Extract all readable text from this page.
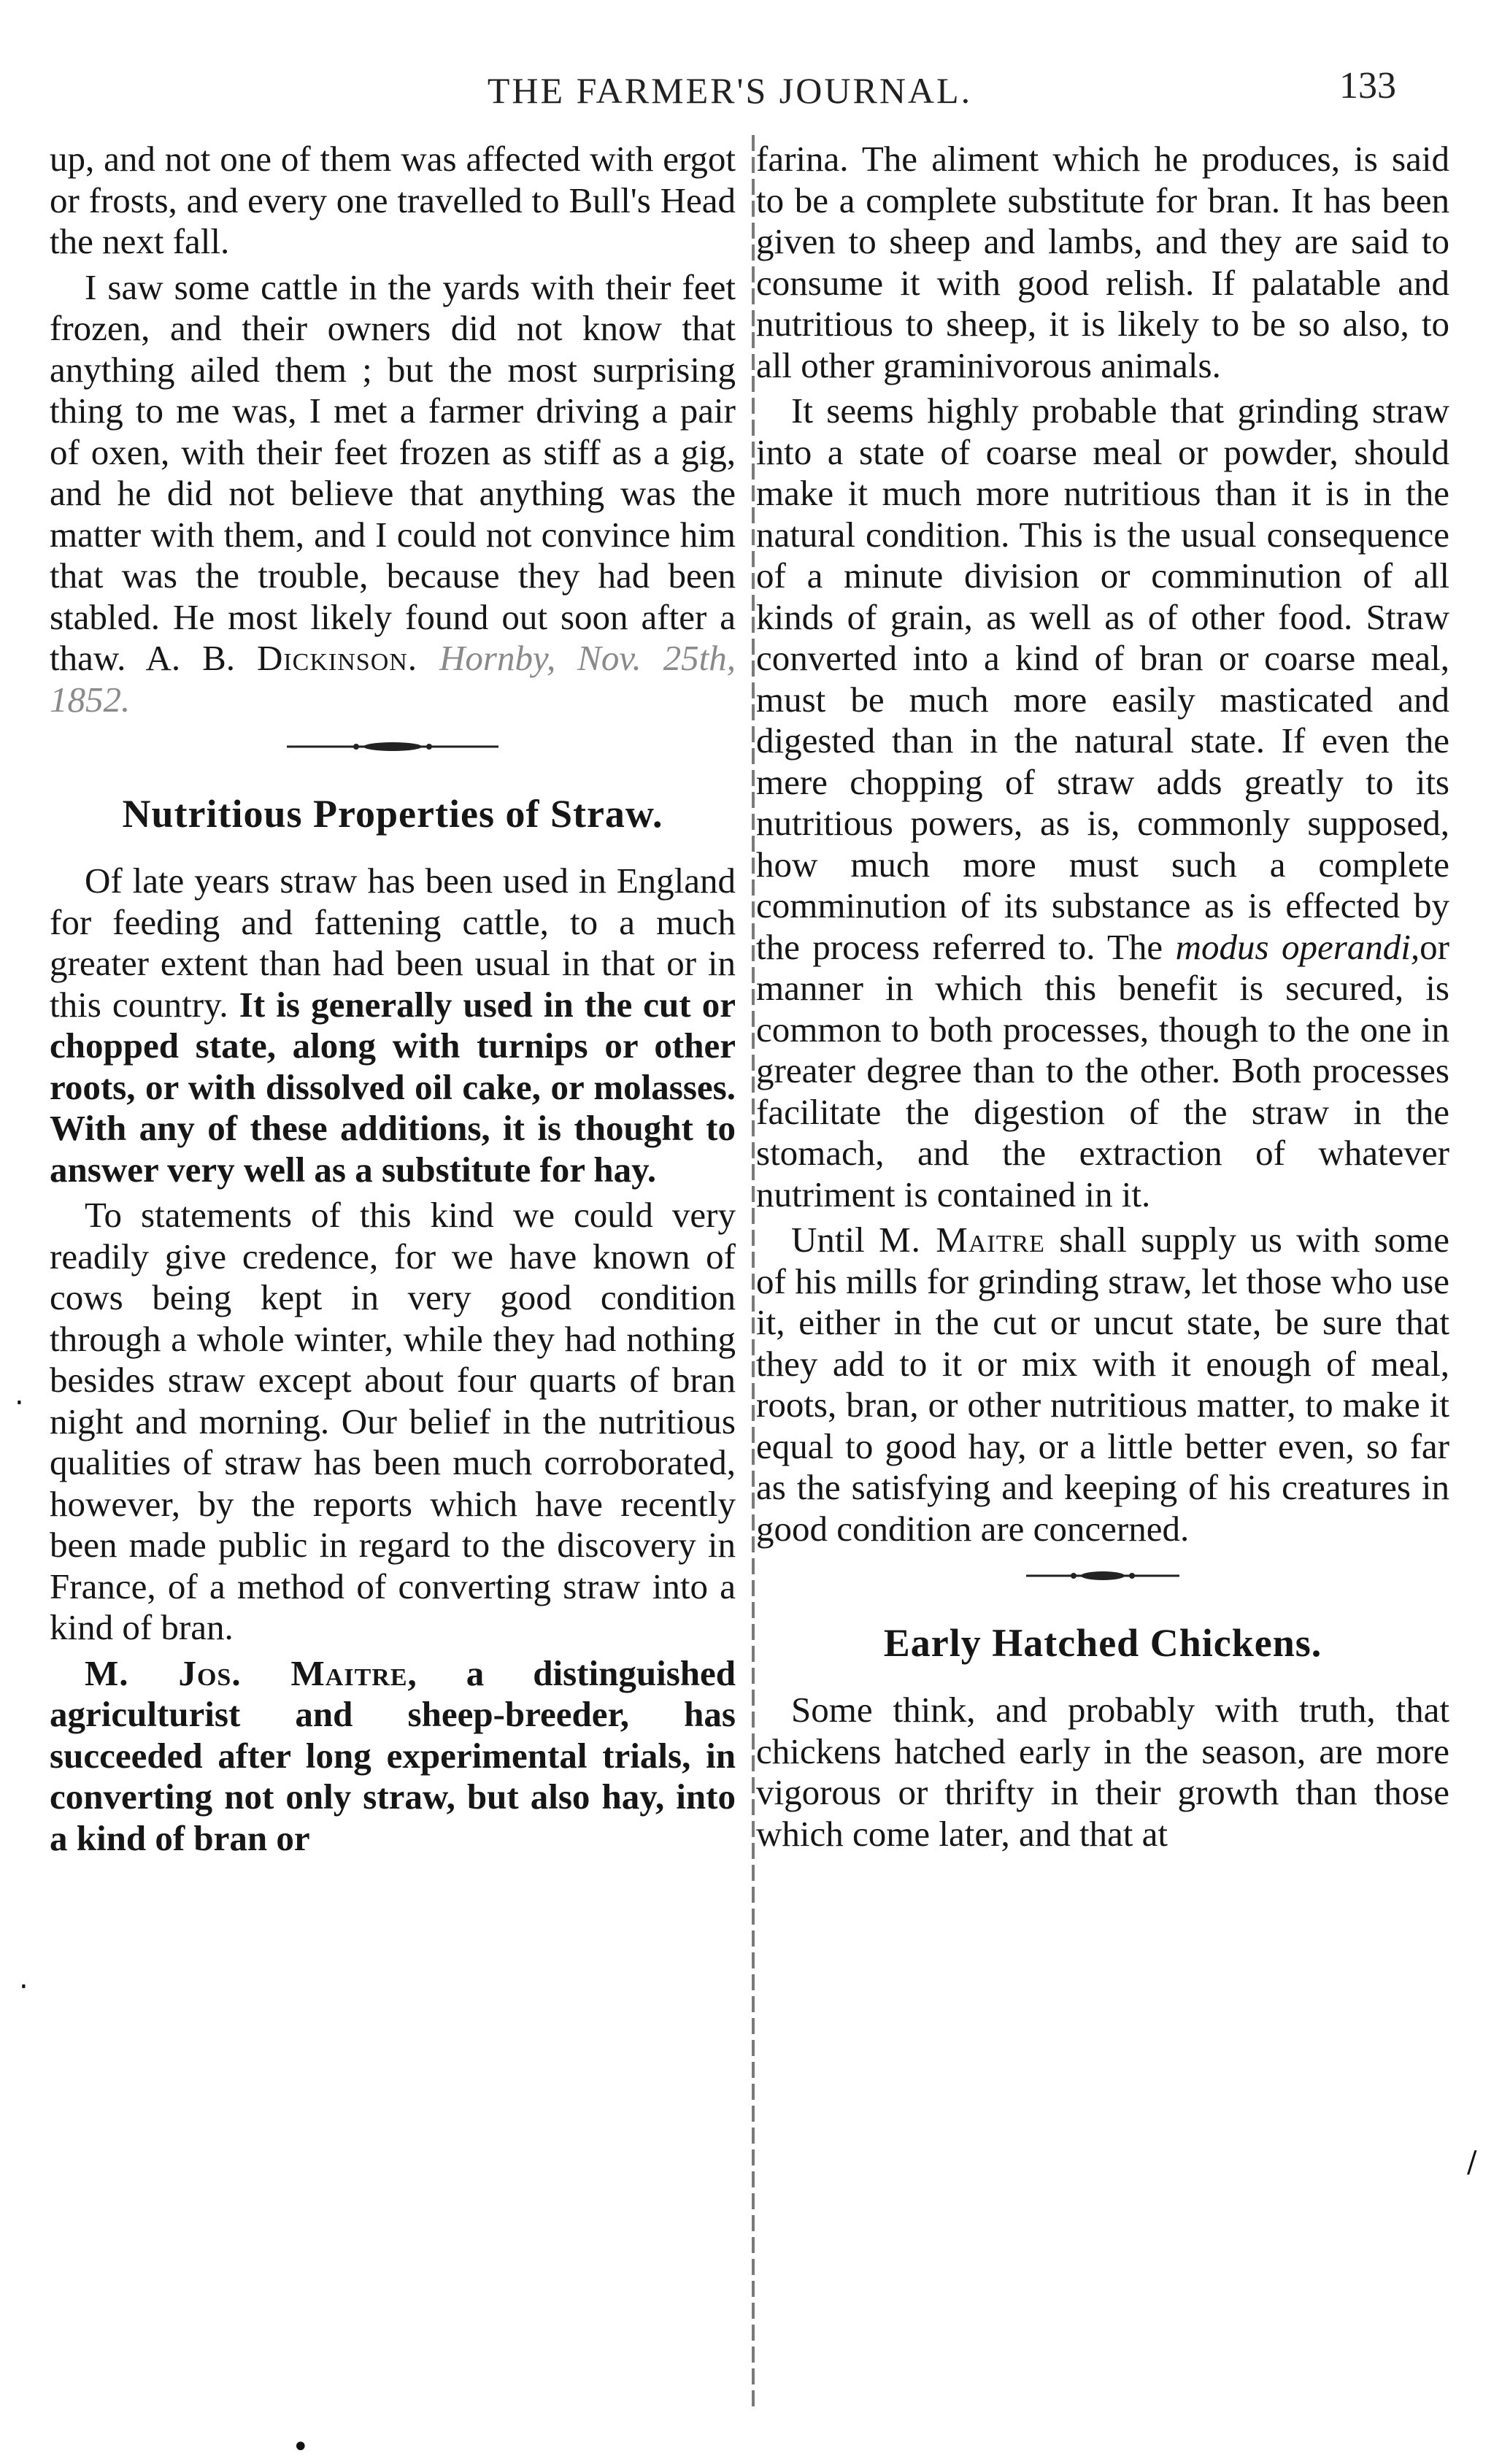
THE FARMER'S JOURNAL.	133

up, and not one of them was affected with ergot or frosts, and every one travelled to Bull's Head the next fall.

I saw some cattle in the yards with their feet frozen, and their owners did not know that anything ailed them ; but the most surprising thing to me was, I met a farmer driving a pair of oxen, with their feet frozen as stiff as a gig, and he did not believe that anything was the matter with them, and I could not convince him that was the trouble, because they had been stabled. He most likely found out soon after a thaw. A. B. Dickinson. Hornby, Nov. 25th, 1852.

Nutritious Properties of Straw.

Of late years straw has been used in England for feeding and fattening cattle, to a much greater extent than had been usual in that or in this country. It is generally used in the cut or chopped state, along with turnips or other roots, or with dissolved oil cake, or molasses. With any of these additions, it is thought to answer very well as a substitute for hay.

To statements of this kind we could very readily give credence, for we have known of cows being kept in very good condition through a whole winter, while they had nothing besides straw except about four quarts of bran night and morning. Our belief in the nutritious qualities of straw has been much corroborated, however, by the reports which have recently been made public in regard to the discovery in France, of a method of converting straw into a kind of bran.

M. Jos. Maitre, a distinguished agriculturist and sheep-breeder, has succeeded after long experimental trials, in converting not only straw, but also hay, into a kind of bran or

farina. The aliment which he produces, is said to be a complete substitute for bran. It has been given to sheep and lambs, and they are said to consume it with good relish. If palatable and nutritious to sheep, it is likely to be so also, to all other graminivorous animals.

It seems highly probable that grinding straw into a state of coarse meal or powder, should make it much more nutritious than it is in the natural condition. This is the usual consequence of a minute division or comminution of all kinds of grain, as well as of other food. Straw converted into a kind of bran or coarse meal, must be much more easily masticated and digested than in the natural state. If even the mere chopping of straw adds greatly to its nutritious powers, as is, commonly supposed, how much more must such a complete comminution of its substance as is effected by the process referred to. The modus operandi,or manner in which this benefit is secured, is common to both processes, though to the one in greater degree than to the other. Both processes facilitate the digestion of the straw in the stomach, and the extraction of whatever nutriment is contained in it.

Until M. Maitre shall supply us with some of his mills for grinding straw, let those who use it, either in the cut or uncut state, be sure that they add to it or mix with it enough of meal, roots, bran, or other nutritious matter, to make it equal to good hay, or a little better even, so far as the satisfying and keeping of his creatures in good condition are concerned.

Early Hatched Chickens.

Some think, and probably with truth, that chickens hatched early in the season, are more vigorous or thrifty in their growth than those which come later, and that at

‧
/
‧
•
